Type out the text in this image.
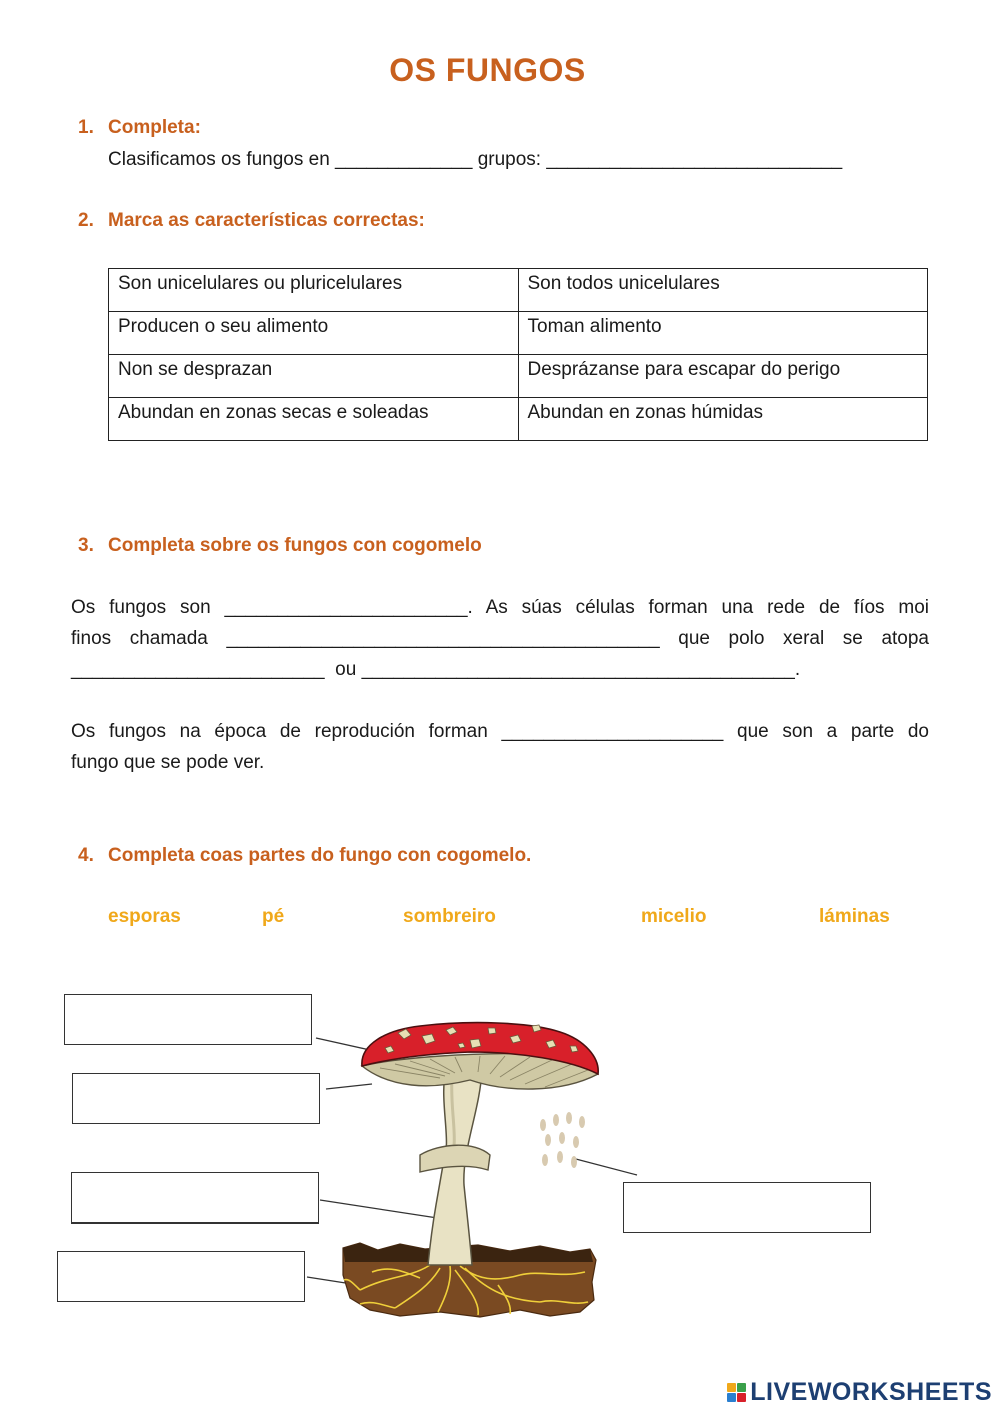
OS FUNGOS
1. Completa:
Clasificamos os fungos en _____________ grupos: ____________________________
2. Marca as características correctas:
Son unicelulares ou pluricelulares	Son todos unicelulares
Producen o seu alimento	Toman alimento
Non se desprazan	Desprázanse para escapar do perigo
Abundan en zonas secas e soleadas	Abundan en zonas húmidas
3. Completa sobre os fungos con cogomelo
Os fungos son _______________________. As súas células forman una rede de fíos moi
finos chamada _________________________________________ que polo xeral se atopa
________________________  ou _________________________________________.
Os fungos na época de reprodución forman _____________________ que son a parte do
fungo que se pode ver.
4. Completa coas partes do fungo con cogomelo.
esporas	pé	sombreiro	micelio	láminas
LIVEWORKSHEETS
